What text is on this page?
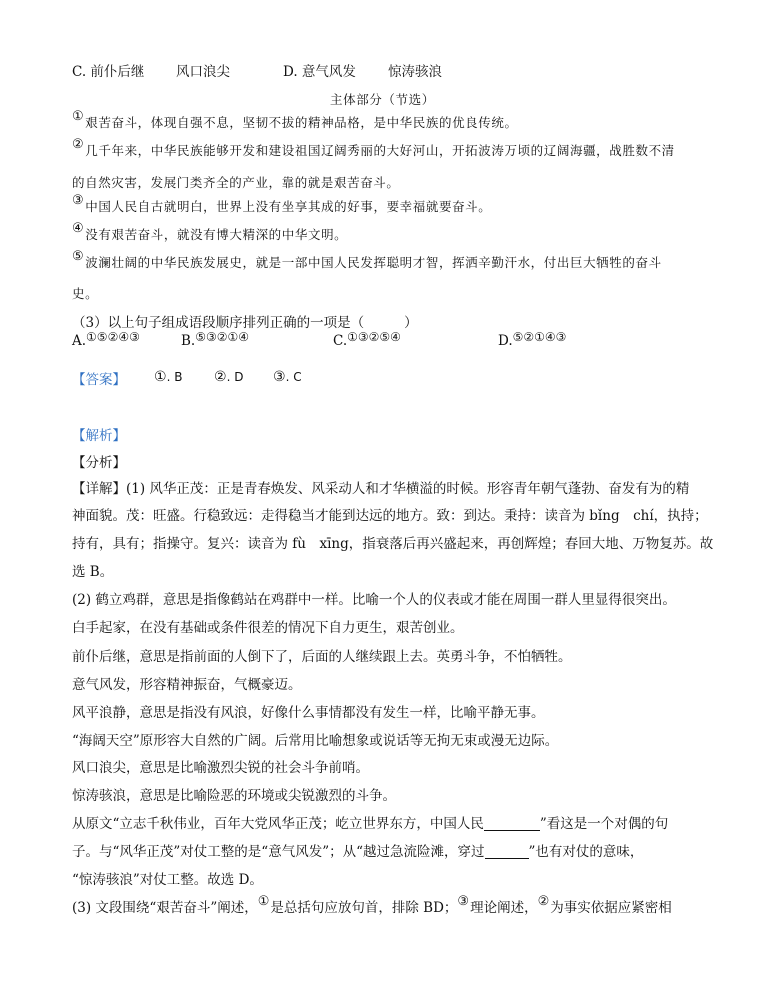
C. 前仆后继 风口浪尖	D. 意气风发 惊涛骇浪
主体部分（节选）
①艰苦奋斗，体现自强不息，坚韧不拔的精神品格，是中华民族的优良传统。
②几千年来，中华民族能够开发和建设祖国辽阔秀丽的大好河山，开拓波涛万顷的辽阔海疆，战胜数不清
的自然灾害，发展门类齐全的产业，靠的就是艰苦奋斗。
③中国人民自古就明白，世界上没有坐享其成的好事，要幸福就要奋斗。
④没有艰苦奋斗，就没有博大精深的中华文明。
⑤波澜壮阔的中华民族发展史，就是一部中国人民发挥聪明才智，挥洒辛勤汗水，付出巨大牺牲的奋斗
史。
（3）以上句子组成语段顺序排列正确的一项是（	）
A.①⑤②④③	B.⑤③②①④	C.①③②⑤④	D.⑤②①④③
【答案】 ①. B ②. D ③. C
【解析】
【分析】
【详解】(1) 风华正茂：正是青春焕发、风采动人和才华横溢的时候。形容青年朝气蓬勃、奋发有为的精
神面貌。茂：旺盛。行稳致远：走得稳当才能到达远的地方。致：到达。秉持：读音为 bǐng　chí，执持；
持有，具有；指操守。复兴：读音为 fù　xīng，指衰落后再兴盛起来，再创辉煌；春回大地、万物复苏。故
选 B。
(2) 鹤立鸡群，意思是指像鹤站在鸡群中一样。比喻一个人的仪表或才能在周围一群人里显得很突出。
白手起家，在没有基础或条件很差的情况下自力更生，艰苦创业。
前仆后继，意思是指前面的人倒下了，后面的人继续跟上去。英勇斗争，不怕牺牲。
意气风发，形容精神振奋，气概豪迈。
风平浪静，意思是指没有风浪，好像什么事情都没有发生一样，比喻平静无事。
“海阔天空”原形容大自然的广阔。后常用比喻想象或说话等无拘无束或漫无边际。
风口浪尖，意思是比喻激烈尖锐的社会斗争前哨。
惊涛骇浪，意思是比喻险恶的环境或尖锐激烈的斗争。
从原文“立志千秋伟业，百年大党风华正茂；屹立世界东方，中国人民	”看这是一个对偶的句
子。与“风华正茂”对仗工整的是“意气风发”；从“越过急流险滩，穿过	”也有对仗的意味，
“惊涛骇浪”对仗工整。故选 D。
(3) 文段围绕“艰苦奋斗”阐述，①是总括句应放句首，排除 BD；③理论阐述，②为事实依据应紧密相
